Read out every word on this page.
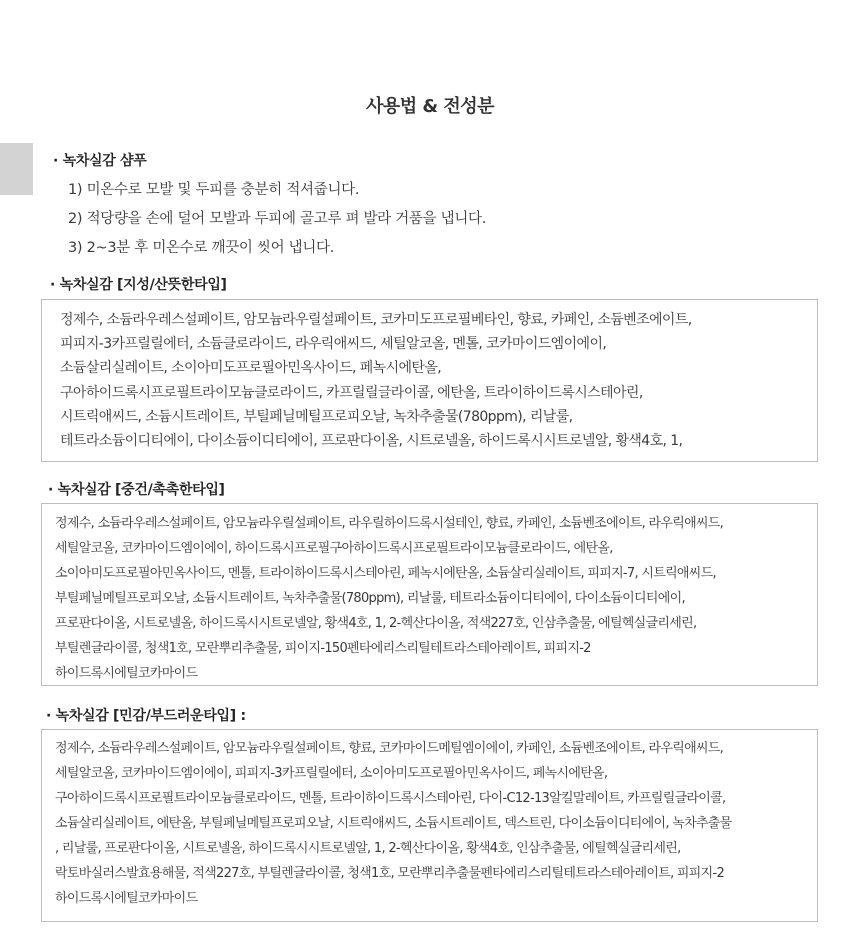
사용법 & 전성분
· 녹차실감 샴푸
1) 미온수로 모발 및 두피를 충분히 적셔줍니다.
2) 적당량을 손에 덜어 모발과 두피에 골고루 펴 발라 거품을 냅니다.
3) 2~3분 후 미온수로 깨끗이 씻어 냅니다.
· 녹차실감 [지성/산뜻한타입]
정제수, 소듐라우레스설페이트, 암모늄라우릴설페이트, 코카미도프로필베타인, 향료, 카페인, 소듐벤조에이트,
피피지-3카프릴릴에터, 소듐클로라이드, 라우릭애씨드, 세틸알코올, 멘톨, 코카마이드엠이에이,
소듐살리실레이트, 소이아미도프로필아민옥사이드, 페녹시에탄올,
구아하이드록시프로필트라이모늄클로라이드, 카프릴릴글라이콜, 에탄올, 트라이하이드록시스테아린,
시트릭애씨드, 소듐시트레이트, 부틸페닐메틸프로피오날, 녹차추출물(780ppm), 리날룰,
테트라소듐이디티에이, 다이소듐이디티에이, 프로판다이올, 시트로넬올, 하이드록시시트로넬알, 황색4호, 1,
· 녹차실감 [중건/촉촉한타입]
정제수, 소듐라우레스설페이트, 암모늄라우릴설페이트, 라우릴하이드록시설테인, 향료, 카페인, 소듐벤조에이트, 라우릭애씨드,
세틸알코올, 코카마이드엠이에이, 하이드록시프로필구아하이드록시프로필트라이모늄클로라이드, 에탄올,
소이아미도프로필아민옥사이드, 멘톨, 트라이하이드록시스테아린, 페녹시에탄올, 소듐살리실레이트, 피피지-7, 시트릭애씨드,
부틸페닐메틸프로피오날, 소듐시트레이트, 녹차추출물(780ppm), 리날룰, 테트라소듐이디티에이, 다이소듐이디티에이,
프로판다이올, 시트로넬올, 하이드록시시트로넬알, 황색4호, 1, 2-헥산다이올, 적색227호, 인삼추출물, 에틸헥실글리세린,
부틸렌글라이콜, 청색1호, 모란뿌리추출물, 피이지-150펜타에리스리틸테트라스테아레이트, 피피지-2
하이드록시에틸코카마이드
· 녹차실감 [민감/부드러운타입] :
정제수, 소듐라우레스설페이트, 암모늄라우릴설페이트, 향료, 코카마이드메틸엠이에이, 카페인, 소듐벤조에이트, 라우릭애씨드,
세틸알코올, 코카마이드엠이에이, 피피지-3카프릴릴에터, 소이아미도프로필아민옥사이드, 페녹시에탄올,
구아하이드록시프로필트라이모늄클로라이드, 멘톨, 트라이하이드록시스테아린, 다이-C12-13알킬말레이트, 카프릴릴글라이콜,
소듐살리실레이트, 에탄올, 부틸페닐메틸프로피오날, 시트릭애씨드, 소듐시트레이트, 덱스트린, 다이소듐이디티에이, 녹차추출물
, 리날룰, 프로판다이올, 시트로넬올, 하이드록시시트로넬알, 1, 2-헥산다이올, 황색4호, 인삼추출물, 에틸헥실글리세린,
락토바실러스발효용해물, 적색227호, 부틸렌글라이콜, 청색1호, 모란뿌리추출물펜타에리스리틸테트라스테아레이트, 피피지-2
하이드록시에틸코카마이드
